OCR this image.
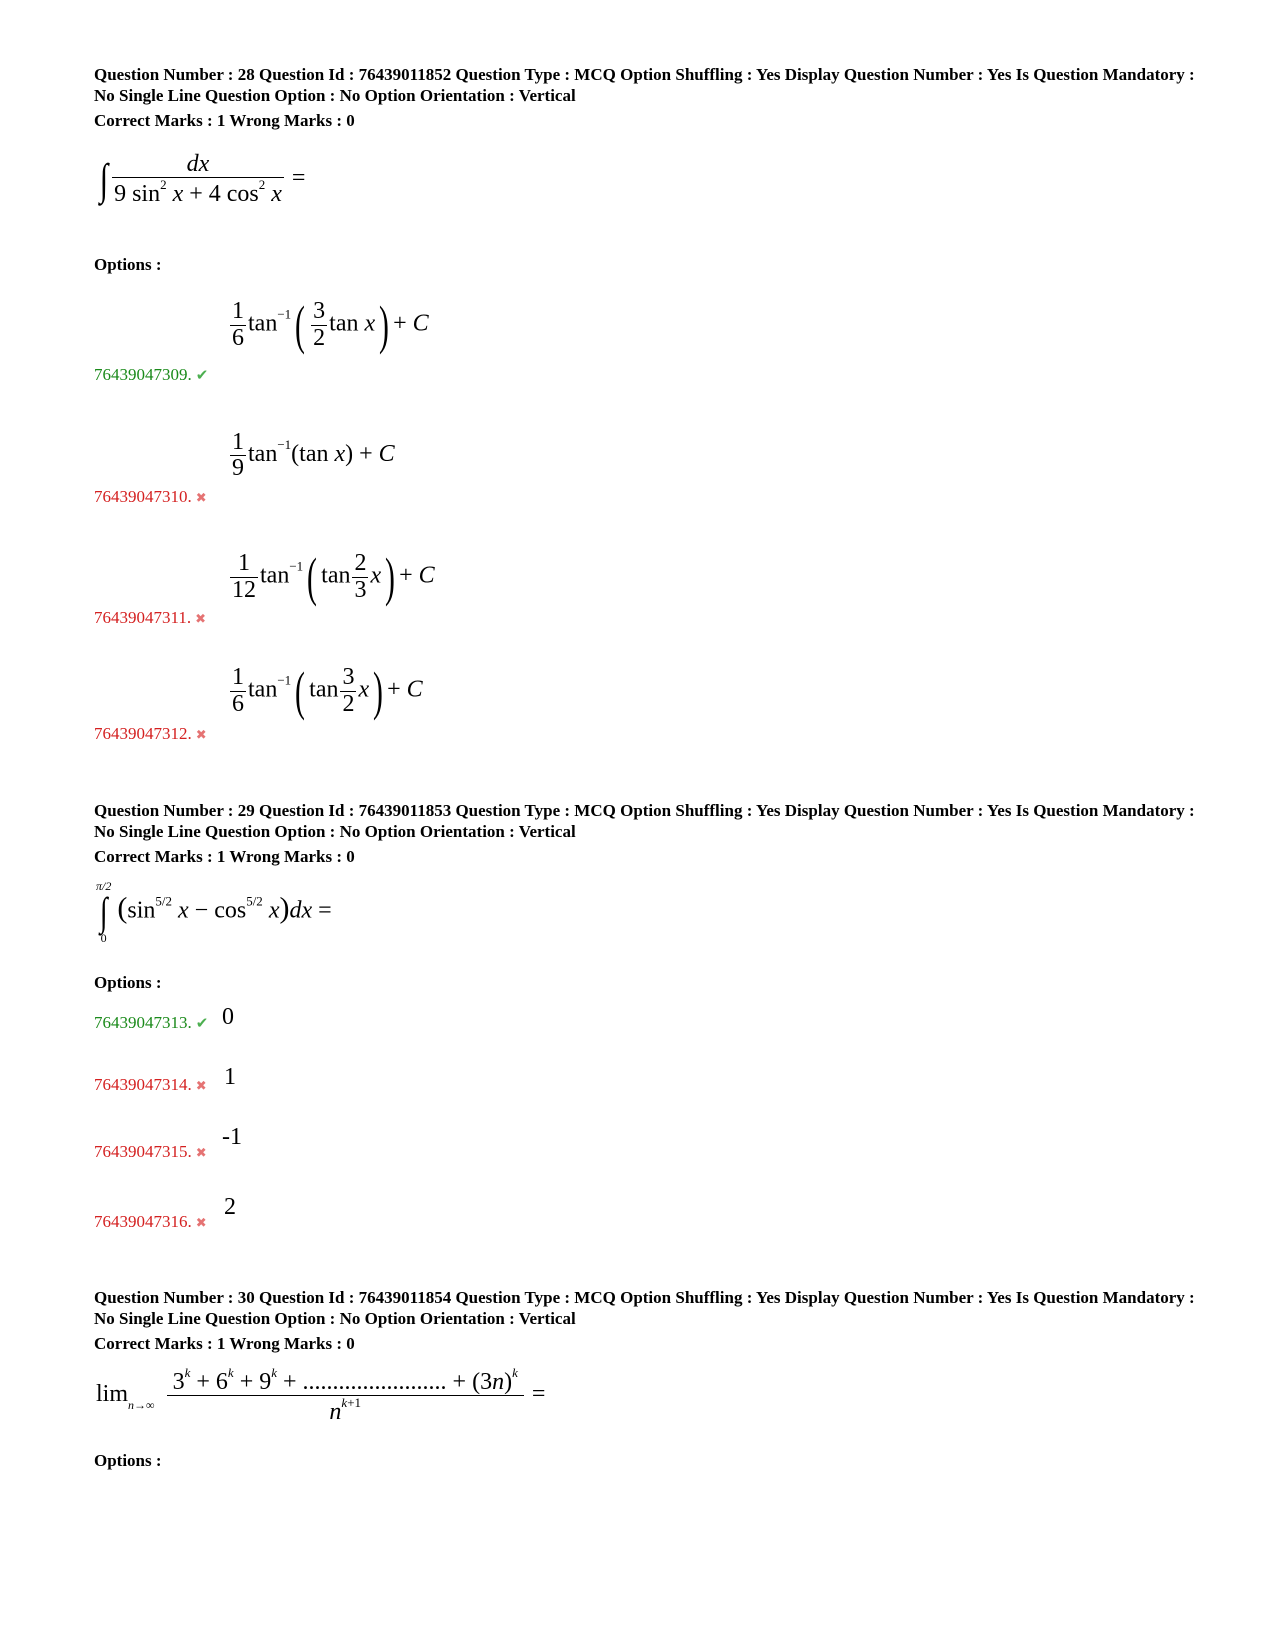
Question Number : 28 Question Id : 76439011852 Question Type : MCQ Option Shuffling : Yes Display Question Number : Yes Is Question Mandatory : No Single Line Question Option : No Option Orientation : Vertical
Correct Marks : 1 Wrong Marks : 0
∫ $\frac{dx}{9 \sin^2 x + 4 \cos^2 x}$ =
Options :
$\frac{1}{6} \tan^{-1}( \frac{3}{2}$ tan x) + C
76439047309. ✔
$\frac{1}{9} \tan^{-1}(\tan$ x) + C
76439047310. ✖
$\frac{1}{12} \tan^{-1}$( $\tan \frac{2}{3} x) + C$
76439047311. ✖
$\frac{1}{6} \tan^{-1}$( $\tan \frac{3}{2} x) + C$
76439047312. ✖
Question Number : 29 Question Id : 76439011853 Question Type : MCQ Option Shuffling : Yes Display Question Number : Yes Is Question Mandatory : No Single Line Question Option : No Option Orientation : Vertical
Correct Marks : 1 Wrong Marks : 0
π/2
∫
0
($\sin^{5/2}$ $x - \cos^{5/2} x)dx$ =
Options :
76439047313. ✔ 0
76439047314. ✖ 1
76439047315. ✖
-1
76439047316. ✖
2
Question Number : 30 Question Id : 76439011854 Question Type : MCQ Option Shuffling : Yes Display Question Number : Yes Is Question Mandatory : No Single Line Question Option : No Option Orientation : Vertical
Correct Marks : 1 Wrong Marks : 0
$\lim_{n\to\infty} \frac{3^k + 6^k + 9^k + ........................ + (3n)^k}{n^{k+1}}$ =
Options :
